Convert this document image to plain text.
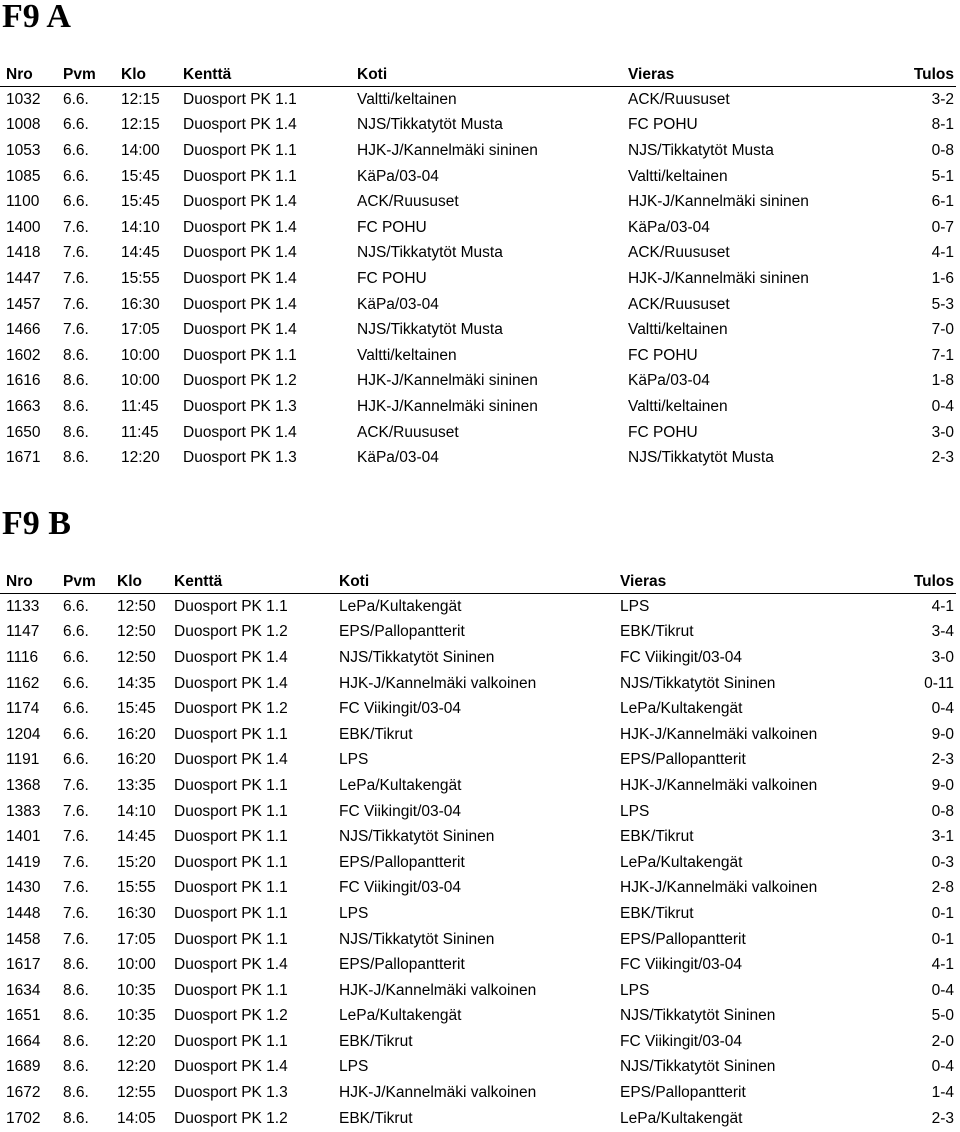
F9 A
Nro	Pvm	Klo	Kenttä	Koti	Vieras	Tulos
1032	6.6.	12:15	Duosport PK 1.1	Valtti/keltainen	ACK/Ruususet	3-2
1008	6.6.	12:15	Duosport PK 1.4	NJS/Tikkatytöt Musta	FC POHU	8-1
1053	6.6.	14:00	Duosport PK 1.1	HJK-J/Kannelmäki sininen	NJS/Tikkatytöt Musta	0-8
1085	6.6.	15:45	Duosport PK 1.1	KäPa/03-04	Valtti/keltainen	5-1
1100	6.6.	15:45	Duosport PK 1.4	ACK/Ruususet	HJK-J/Kannelmäki sininen	6-1
1400	7.6.	14:10	Duosport PK 1.4	FC POHU	KäPa/03-04	0-7
1418	7.6.	14:45	Duosport PK 1.4	NJS/Tikkatytöt Musta	ACK/Ruususet	4-1
1447	7.6.	15:55	Duosport PK 1.4	FC POHU	HJK-J/Kannelmäki sininen	1-6
1457	7.6.	16:30	Duosport PK 1.4	KäPa/03-04	ACK/Ruususet	5-3
1466	7.6.	17:05	Duosport PK 1.4	NJS/Tikkatytöt Musta	Valtti/keltainen	7-0
1602	8.6.	10:00	Duosport PK 1.1	Valtti/keltainen	FC POHU	7-1
1616	8.6.	10:00	Duosport PK 1.2	HJK-J/Kannelmäki sininen	KäPa/03-04	1-8
1663	8.6.	11:45	Duosport PK 1.3	HJK-J/Kannelmäki sininen	Valtti/keltainen	0-4
1650	8.6.	11:45	Duosport PK 1.4	ACK/Ruususet	FC POHU	3-0
1671	8.6.	12:20	Duosport PK 1.3	KäPa/03-04	NJS/Tikkatytöt Musta	2-3
F9 B
Nro	Pvm	Klo	Kenttä	Koti	Vieras	Tulos
1133	6.6.	12:50	Duosport PK 1.1	LePa/Kultakengät	LPS	4-1
1147	6.6.	12:50	Duosport PK 1.2	EPS/Pallopantterit	EBK/Tikrut	3-4
1116	6.6.	12:50	Duosport PK 1.4	NJS/Tikkatytöt Sininen	FC Viikingit/03-04	3-0
1162	6.6.	14:35	Duosport PK 1.4	HJK-J/Kannelmäki valkoinen	NJS/Tikkatytöt Sininen	0-11
1174	6.6.	15:45	Duosport PK 1.2	FC Viikingit/03-04	LePa/Kultakengät	0-4
1204	6.6.	16:20	Duosport PK 1.1	EBK/Tikrut	HJK-J/Kannelmäki valkoinen	9-0
1191	6.6.	16:20	Duosport PK 1.4	LPS	EPS/Pallopantterit	2-3
1368	7.6.	13:35	Duosport PK 1.1	LePa/Kultakengät	HJK-J/Kannelmäki valkoinen	9-0
1383	7.6.	14:10	Duosport PK 1.1	FC Viikingit/03-04	LPS	0-8
1401	7.6.	14:45	Duosport PK 1.1	NJS/Tikkatytöt Sininen	EBK/Tikrut	3-1
1419	7.6.	15:20	Duosport PK 1.1	EPS/Pallopantterit	LePa/Kultakengät	0-3
1430	7.6.	15:55	Duosport PK 1.1	FC Viikingit/03-04	HJK-J/Kannelmäki valkoinen	2-8
1448	7.6.	16:30	Duosport PK 1.1	LPS	EBK/Tikrut	0-1
1458	7.6.	17:05	Duosport PK 1.1	NJS/Tikkatytöt Sininen	EPS/Pallopantterit	0-1
1617	8.6.	10:00	Duosport PK 1.4	EPS/Pallopantterit	FC Viikingit/03-04	4-1
1634	8.6.	10:35	Duosport PK 1.1	HJK-J/Kannelmäki valkoinen	LPS	0-4
1651	8.6.	10:35	Duosport PK 1.2	LePa/Kultakengät	NJS/Tikkatytöt Sininen	5-0
1664	8.6.	12:20	Duosport PK 1.1	EBK/Tikrut	FC Viikingit/03-04	2-0
1689	8.6.	12:20	Duosport PK 1.4	LPS	NJS/Tikkatytöt Sininen	0-4
1672	8.6.	12:55	Duosport PK 1.3	HJK-J/Kannelmäki valkoinen	EPS/Pallopantterit	1-4
1702	8.6.	14:05	Duosport PK 1.2	EBK/Tikrut	LePa/Kultakengät	2-3
